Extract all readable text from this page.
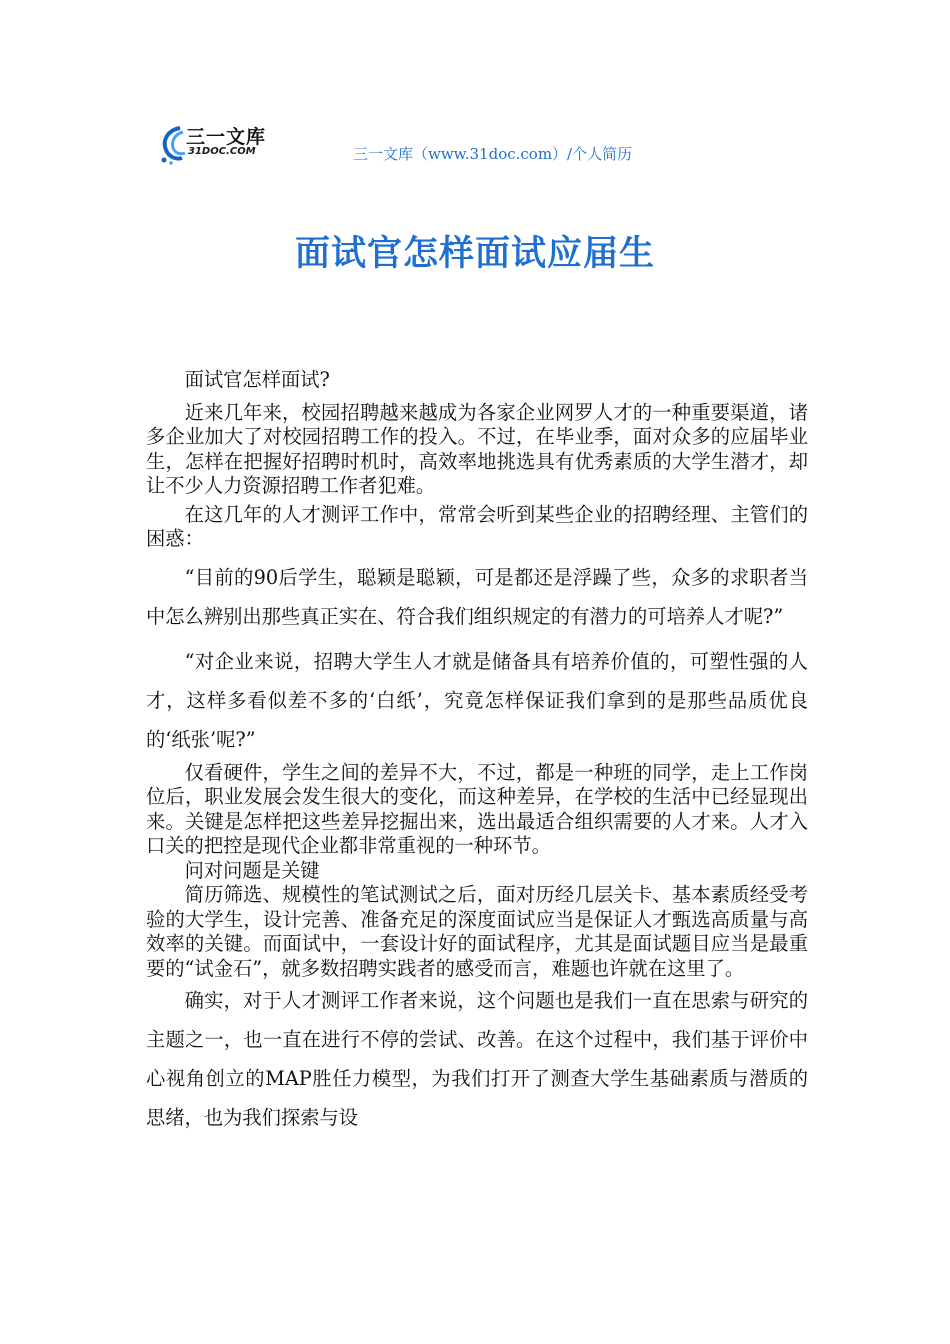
三一文库
31DOC.COM	三一文库（www.31doc.com）/个人简历
面试官怎样面试应届生

面试官怎样面试?

近来几年来，校园招聘越来越成为各家企业网罗人才的一种重要渠道，诸多企业加大了对校园招聘工作的投入。不过，在毕业季，面对众多的应届毕业生，怎样在把握好招聘时机时，高效率地挑选具有优秀素质的大学生潜才，却让不少人力资源招聘工作者犯难。

在这几年的人才测评工作中，常常会听到某些企业的招聘经理、主管们的困惑：

“目前的90后学生，聪颖是聪颖，可是都还是浮躁了些，众多的求职者当中怎么辨别出那些真正实在、符合我们组织规定的有潜力的可培养人才呢?”

“对企业来说，招聘大学生人才就是储备具有培养价值的，可塑性强的人才，这样多看似差不多的‘白纸’，究竟怎样保证我们拿到的是那些品质优良的‘纸张’呢?”

仅看硬件，学生之间的差异不大，不过，都是一种班的同学，走上工作岗位后，职业发展会发生很大的变化，而这种差异，在学校的生活中已经显现出来。关键是怎样把这些差异挖掘出来，选出最适合组织需要的人才来。人才入口关的把控是现代企业都非常重视的一种环节。

问对问题是关键

简历筛选、规模性的笔试测试之后，面对历经几层关卡、基本素质经受考验的大学生，设计完善、准备充足的深度面试应当是保证人才甄选高质量与高效率的关键。而面试中，一套设计好的面试程序，尤其是面试题目应当是最重要的“试金石”，就多数招聘实践者的感受而言，难题也许就在这里了。

确实，对于人才测评工作者来说，这个问题也是我们一直在思索与研究的主题之一，也一直在进行不停的尝试、改善。在这个过程中，我们基于评价中心视角创立的MAP胜任力模型，为我们打开了测查大学生基础素质与潜质的思绪，也为我们探索与设
